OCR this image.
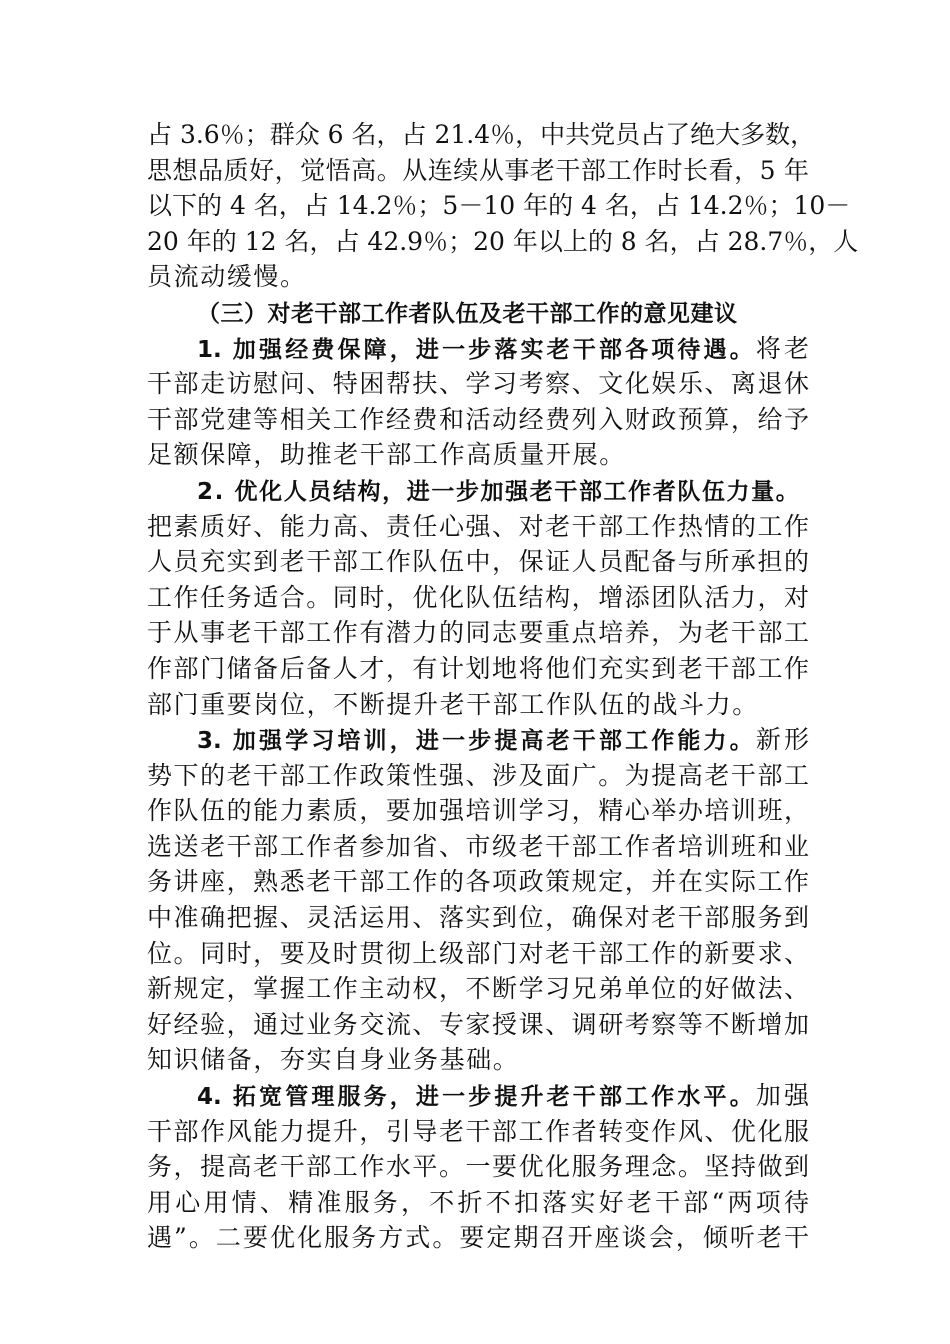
占 3.6％；群众 6 名，占 21.4％，中共党员占了绝大多数，
思想品质好，觉悟高。从连续从事老干部工作时长看，5 年
以下的 4 名，占 14.2％；5－10 年的 4 名，占 14.2％；10－
20 年的 12 名，占 42.9％；20 年以上的 8 名，占 28.7％，人
员流动缓慢。
（三）对老干部工作者队伍及老干部工作的意见建议
1. 加强经费保障，进一步落实老干部各项待遇。将老
干部走访慰问、特困帮扶、学习考察、文化娱乐、离退休
干部党建等相关工作经费和活动经费列入财政预算，给予
足额保障，助推老干部工作高质量开展。
2. 优化人员结构，进一步加强老干部工作者队伍力量。
把素质好、能力高、责任心强、对老干部工作热情的工作
人员充实到老干部工作队伍中，保证人员配备与所承担的
工作任务适合。同时，优化队伍结构，增添团队活力，对
于从事老干部工作有潜力的同志要重点培养，为老干部工
作部门储备后备人才，有计划地将他们充实到老干部工作
部门重要岗位，不断提升老干部工作队伍的战斗力。
3. 加强学习培训，进一步提高老干部工作能力。新形
势下的老干部工作政策性强、涉及面广。为提高老干部工
作队伍的能力素质，要加强培训学习，精心举办培训班，
选送老干部工作者参加省、市级老干部工作者培训班和业
务讲座，熟悉老干部工作的各项政策规定，并在实际工作
中准确把握、灵活运用、落实到位，确保对老干部服务到
位。同时，要及时贯彻上级部门对老干部工作的新要求、
新规定，掌握工作主动权，不断学习兄弟单位的好做法、
好经验，通过业务交流、专家授课、调研考察等不断增加
知识储备，夯实自身业务基础。
4. 拓宽管理服务，进一步提升老干部工作水平。加强
干部作风能力提升，引导老干部工作者转变作风、优化服
务，提高老干部工作水平。一要优化服务理念。坚持做到
用心用情、精准服务，不折不扣落实好老干部“两项待
遇”。二要优化服务方式。要定期召开座谈会，倾听老干
